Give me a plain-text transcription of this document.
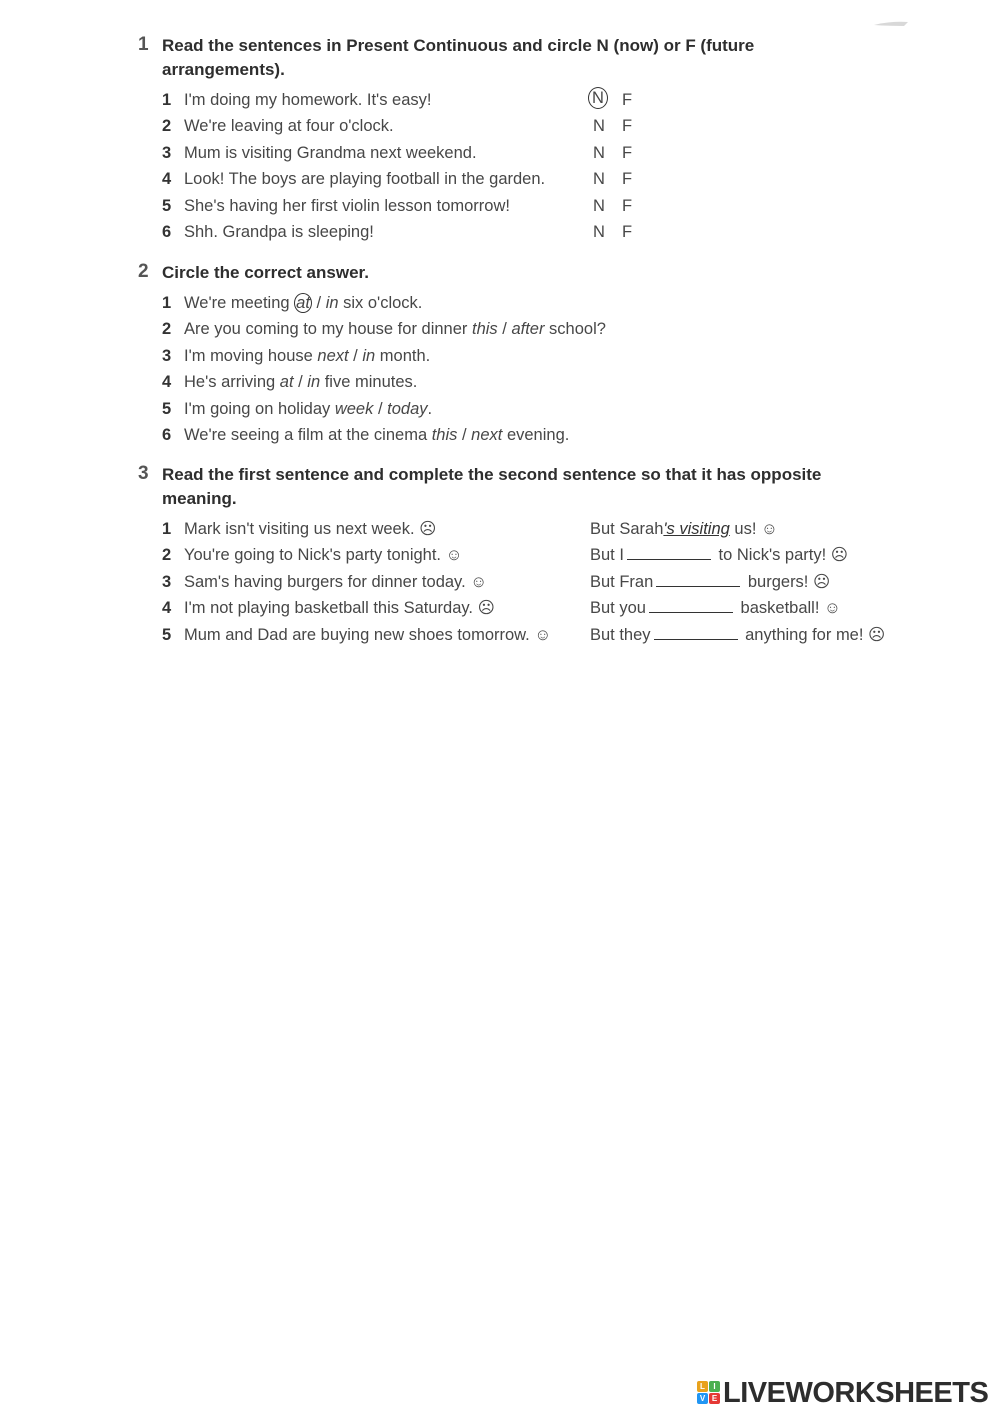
1 Read the sentences in Present Continuous and circle N (now) or F (future
arrangements).
1 I'm doing my homework. It's easy!	N F
2 We're leaving at four o'clock.	N F
3 Mum is visiting Grandma next weekend.	N F
4 Look! The boys are playing football in the garden.	N F
5 She's having her first violin lesson tomorrow!	N F
6 Shh. Grandpa is sleeping!	N F
2 Circle the correct answer.
1 We're meeting at / in six o'clock.
2 Are you coming to my house for dinner this / after school?
3 I'm moving house next / in month.
4 He's arriving at / in five minutes.
5 I'm going on holiday week / today.
6 We're seeing a film at the cinema this / next evening.
3 Read the first sentence and complete the second sentence so that it has opposite
meaning.
1 Mark isn't visiting us next week. ☹	But Sarah's visiting us! ☺
2 You're going to Nick's party tonight. ☺	But I	to Nick's party! ☹
3 Sam's having burgers for dinner today. ☺	But Fran	burgers! ☹
4 I'm not playing basketball this Saturday. ☹	But you	basketball! ☺
5 Mum and Dad are buying new shoes tomorrow. ☺ But they	anything for me! ☹
L	I
V E LIVEWORKSHEETS
